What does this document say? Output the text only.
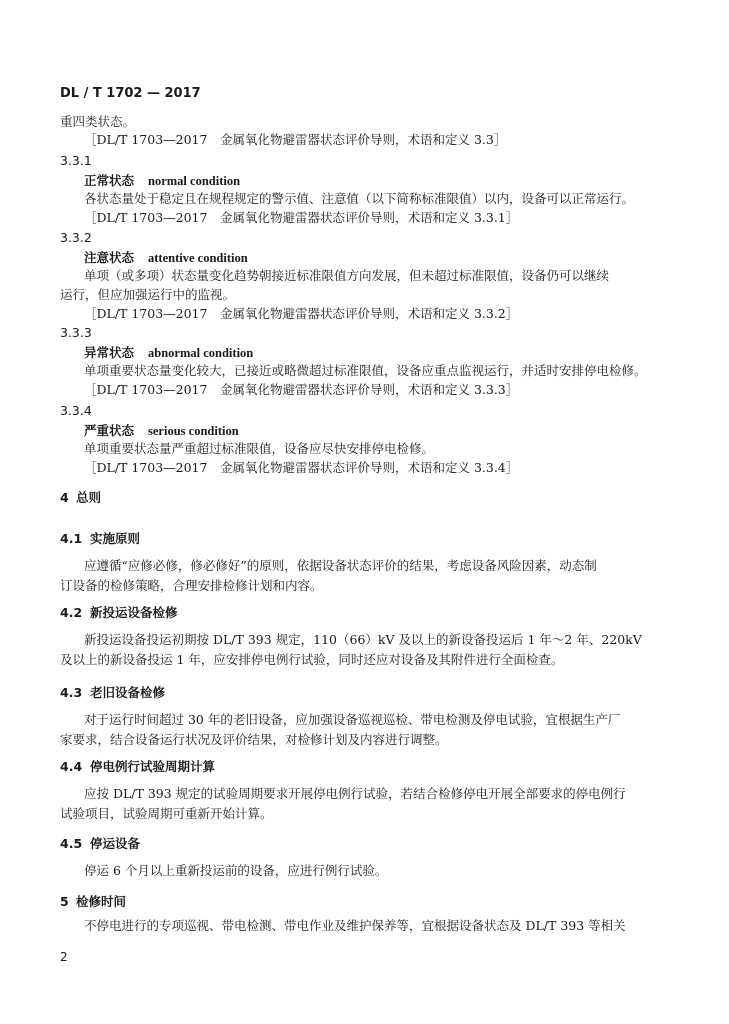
DL / T 1702 — 2017
重四类状态。
［DL/T 1703—2017　金属氧化物避雷器状态评价导则，术语和定义 3.3］
3.3.1
正常状态 normal condition
各状态量处于稳定且在规程规定的警示值、注意值（以下简称标准限值）以内，设备可以正常运行。
［DL/T 1703—2017　金属氧化物避雷器状态评价导则，术语和定义 3.3.1］
3.3.2
注意状态 attentive condition
单项（或多项）状态量变化趋势朝接近标准限值方向发展，但未超过标准限值，设备仍可以继续
运行，但应加强运行中的监视。
［DL/T 1703—2017　金属氧化物避雷器状态评价导则，术语和定义 3.3.2］
3.3.3
异常状态 abnormal condition
单项重要状态量变化较大，已接近或略微超过标准限值，设备应重点监视运行，并适时安排停电检修。
［DL/T 1703—2017　金属氧化物避雷器状态评价导则，术语和定义 3.3.3］
3.3.4
严重状态 serious condition
单项重要状态量严重超过标准限值，设备应尽快安排停电检修。
［DL/T 1703—2017　金属氧化物避雷器状态评价导则，术语和定义 3.3.4］
4 总则
4.1 实施原则
应遵循“应修必修，修必修好”的原则，依据设备状态评价的结果，考虑设备风险因素，动态制
订设备的检修策略，合理安排检修计划和内容。
4.2 新投运设备检修
新投运设备投运初期按 DL/T 393 规定，110（66）kV 及以上的新设备投运后 1 年～2 年、220kV
及以上的新设备投运 1 年，应安排停电例行试验，同时还应对设备及其附件进行全面检查。
4.3 老旧设备检修
对于运行时间超过 30 年的老旧设备，应加强设备巡视巡检、带电检测及停电试验，宜根据生产厂
家要求，结合设备运行状况及评价结果，对检修计划及内容进行调整。
4.4 停电例行试验周期计算
应按 DL/T 393 规定的试验周期要求开展停电例行试验，若结合检修停电开展全部要求的停电例行
试验项目，试验周期可重新开始计算。
4.5 停运设备
停运 6 个月以上重新投运前的设备，应进行例行试验。
5 检修时间
不停电进行的专项巡视、带电检测、带电作业及维护保养等，宜根据设备状态及 DL/T 393 等相关
2
